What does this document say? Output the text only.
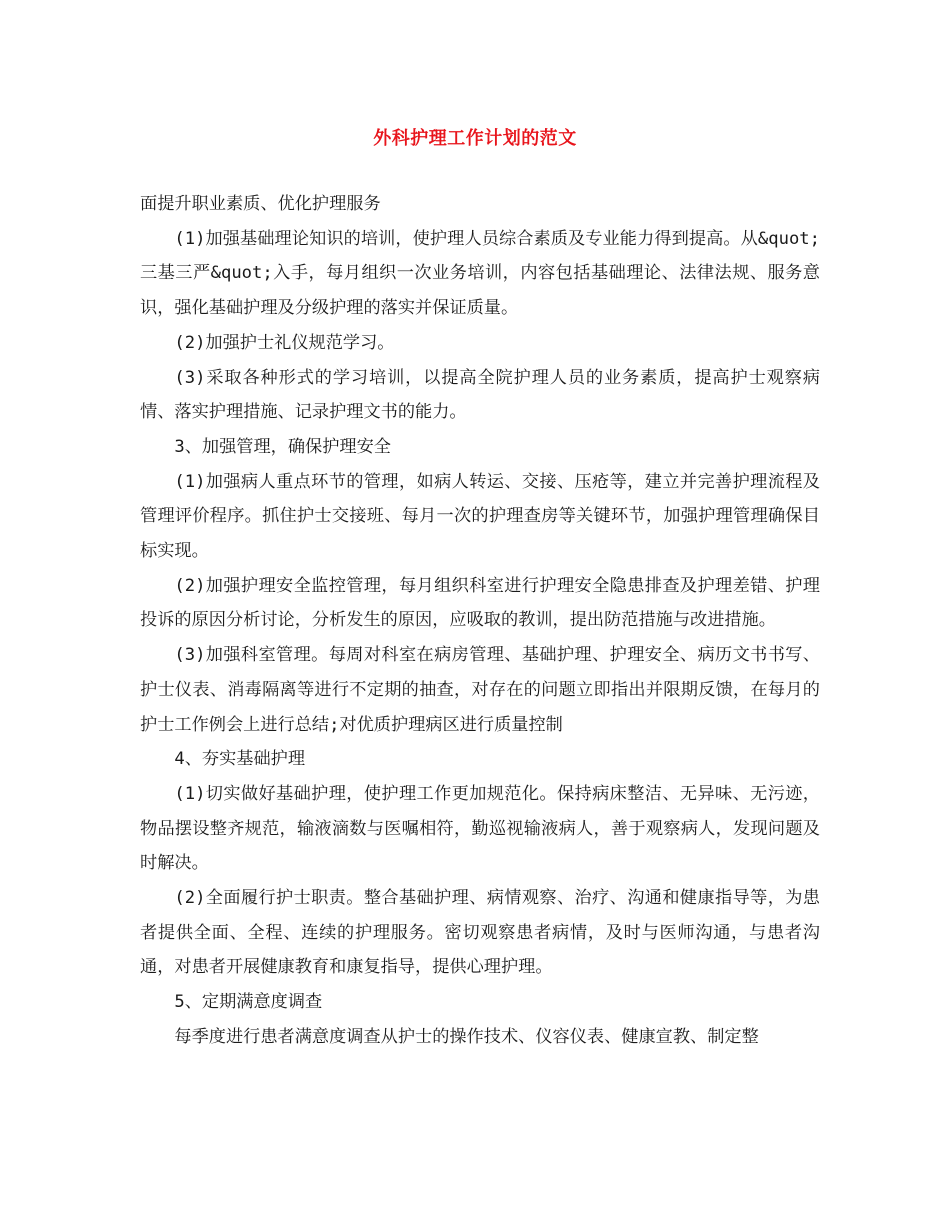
外科护理工作计划的范文

面提升职业素质、优化护理服务

(1)加强基础理论知识的培训，使护理人员综合素质及专业能力得到提高。从&quot;三基三严&quot;入手，每月组织一次业务培训，内容包括基础理论、法律法规、服务意识，强化基础护理及分级护理的落实并保证质量。

(2)加强护士礼仪规范学习。

(3)采取各种形式的学习培训，以提高全院护理人员的业务素质，提高护士观察病情、落实护理措施、记录护理文书的能力。

3、加强管理，确保护理安全

(1)加强病人重点环节的管理，如病人转运、交接、压疮等，建立并完善护理流程及管理评价程序。抓住护士交接班、每月一次的护理查房等关键环节，加强护理管理确保目标实现。

(2)加强护理安全监控管理，每月组织科室进行护理安全隐患排查及护理差错、护理投诉的原因分析讨论，分析发生的原因，应吸取的教训，提出防范措施与改进措施。

(3)加强科室管理。每周对科室在病房管理、基础护理、护理安全、病历文书书写、护士仪表、消毒隔离等进行不定期的抽查，对存在的问题立即指出并限期反馈，在每月的护士工作例会上进行总结;对优质护理病区进行质量控制

4、夯实基础护理

(1)切实做好基础护理，使护理工作更加规范化。保持病床整洁、无异味、无污迹，物品摆设整齐规范，输液滴数与医嘱相符，勤巡视输液病人，善于观察病人，发现问题及时解决。

(2)全面履行护士职责。整合基础护理、病情观察、治疗、沟通和健康指导等，为患者提供全面、全程、连续的护理服务。密切观察患者病情，及时与医师沟通，与患者沟通，对患者开展健康教育和康复指导，提供心理护理。

5、定期满意度调查

每季度进行患者满意度调查从护士的操作技术、仪容仪表、健康宣教、制定整
